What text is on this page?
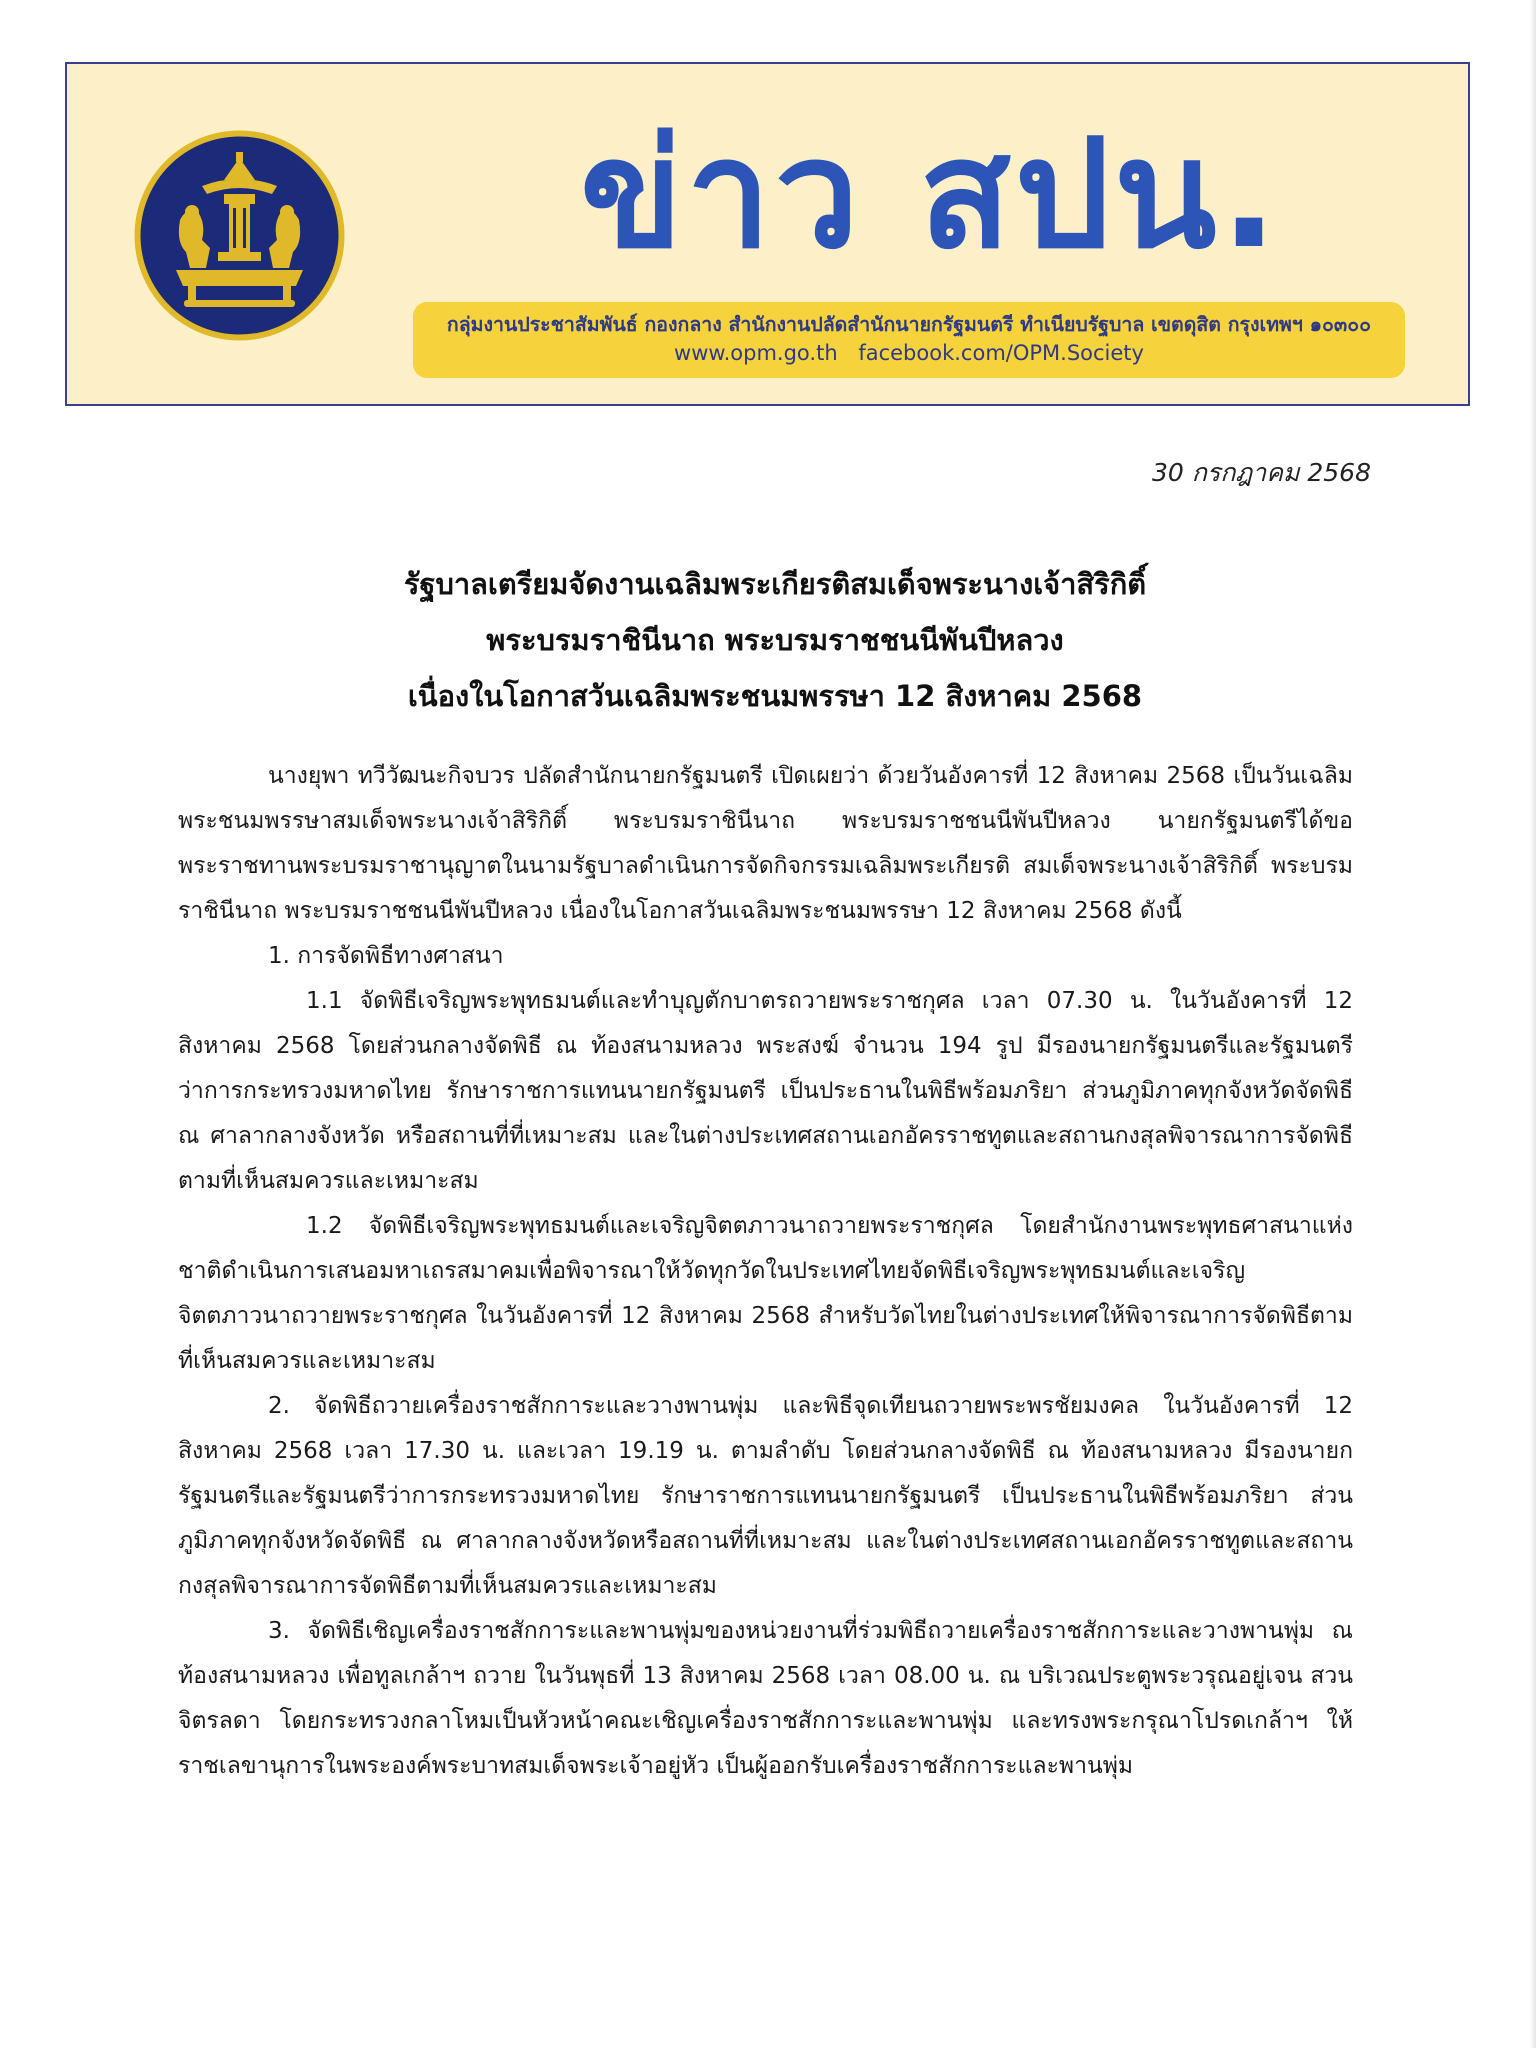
ข่าว สปน.
กลุ่มงานประชาสัมพันธ์ กองกลาง สำนักงานปลัดสำนักนายกรัฐมนตรี ทำเนียบรัฐบาล เขตดุสิต กรุงเทพฯ ๑๐๓๐๐
www.opm.go.th facebook.com/OPM.Society
30 กรกฎาคม 2568
รัฐบาลเตรียมจัดงานเฉลิมพระเกียรติสมเด็จพระนางเจ้าสิริกิติ์
พระบรมราชินีนาถ พระบรมราชชนนีพันปีหลวง
เนื่องในโอกาสวันเฉลิมพระชนมพรรษา 12 สิงหาคม 2568

นางยุพา ทวีวัฒนะกิจบวร ปลัดสำนักนายกรัฐมนตรี เปิดเผยว่า ด้วยวันอังคารที่ 12 สิงหาคม 2568 เป็นวันเฉลิมพระชนมพรรษาสมเด็จพระนางเจ้าสิริกิติ์ พระบรมราชินีนาถ พระบรมราชชนนีพันปีหลวง นายกรัฐมนตรีได้ขอพระราชทานพระบรมราชานุญาตในนามรัฐบาลดำเนินการจัดกิจกรรมเฉลิมพระเกียรติ สมเด็จพระนางเจ้าสิริกิติ์ พระบรมราชินีนาถ พระบรมราชชนนีพันปีหลวง เนื่องในโอกาสวันเฉลิมพระชนมพรรษา 12 สิงหาคม 2568 ดังนี้

1. การจัดพิธีทางศาสนา

1.1 จัดพิธีเจริญพระพุทธมนต์และทำบุญตักบาตรถวายพระราชกุศล เวลา 07.30 น. ในวันอังคารที่ 12 สิงหาคม 2568 โดยส่วนกลางจัดพิธี ณ ท้องสนามหลวง พระสงฆ์ จำนวน 194 รูป มีรองนายกรัฐมนตรีและรัฐมนตรีว่าการกระทรวงมหาดไทย รักษาราชการแทนนายกรัฐมนตรี เป็นประธานในพิธีพร้อมภริยา ส่วนภูมิภาคทุกจังหวัดจัดพิธี ณ ศาลากลางจังหวัด หรือสถานที่ที่เหมาะสม และในต่างประเทศสถานเอกอัครราชทูตและสถานกงสุลพิจารณาการจัดพิธีตามที่เห็นสมควรและเหมาะสม

1.2 จัดพิธีเจริญพระพุทธมนต์และเจริญจิตตภาวนาถวายพระราชกุศล โดยสำนักงานพระพุทธศาสนาแห่งชาติดำเนินการเสนอมหาเถรสมาคมเพื่อพิจารณาให้วัดทุกวัดในประเทศไทยจัดพิธีเจริญพระพุทธมนต์และเจริญจิตตภาวนาถวายพระราชกุศล ในวันอังคารที่ 12 สิงหาคม 2568 สำหรับวัดไทยในต่างประเทศให้พิจารณาการจัดพิธีตามที่เห็นสมควรและเหมาะสม

2. จัดพิธีถวายเครื่องราชสักการะและวางพานพุ่ม และพิธีจุดเทียนถวายพระพรชัยมงคล ในวันอังคารที่ 12 สิงหาคม 2568 เวลา 17.30 น. และเวลา 19.19 น. ตามลำดับ โดยส่วนกลางจัดพิธี ณ ท้องสนามหลวง มีรองนายกรัฐมนตรีและรัฐมนตรีว่าการกระทรวงมหาดไทย รักษาราชการแทนนายกรัฐมนตรี เป็นประธานในพิธีพร้อมภริยา ส่วนภูมิภาคทุกจังหวัดจัดพิธี ณ ศาลากลางจังหวัดหรือสถานที่ที่เหมาะสม และในต่างประเทศสถานเอกอัครราชทูตและสถานกงสุลพิจารณาการจัดพิธีตามที่เห็นสมควรและเหมาะสม

3. จัดพิธีเชิญเครื่องราชสักการะและพานพุ่มของหน่วยงานที่ร่วมพิธีถวายเครื่องราชสักการะและวางพานพุ่ม ณ ท้องสนามหลวง เพื่อทูลเกล้าฯ ถวาย ในวันพุธที่ 13 สิงหาคม 2568 เวลา 08.00 น. ณ บริเวณประตูพระวรุณอยู่เจน สวนจิตรลดา โดยกระทรวงกลาโหมเป็นหัวหน้าคณะเชิญเครื่องราชสักการะและพานพุ่ม และทรงพระกรุณาโปรดเกล้าฯ ให้ราชเลขานุการในพระองค์พระบาทสมเด็จพระเจ้าอยู่หัว เป็นผู้ออกรับเครื่องราชสักการะและพานพุ่ม
